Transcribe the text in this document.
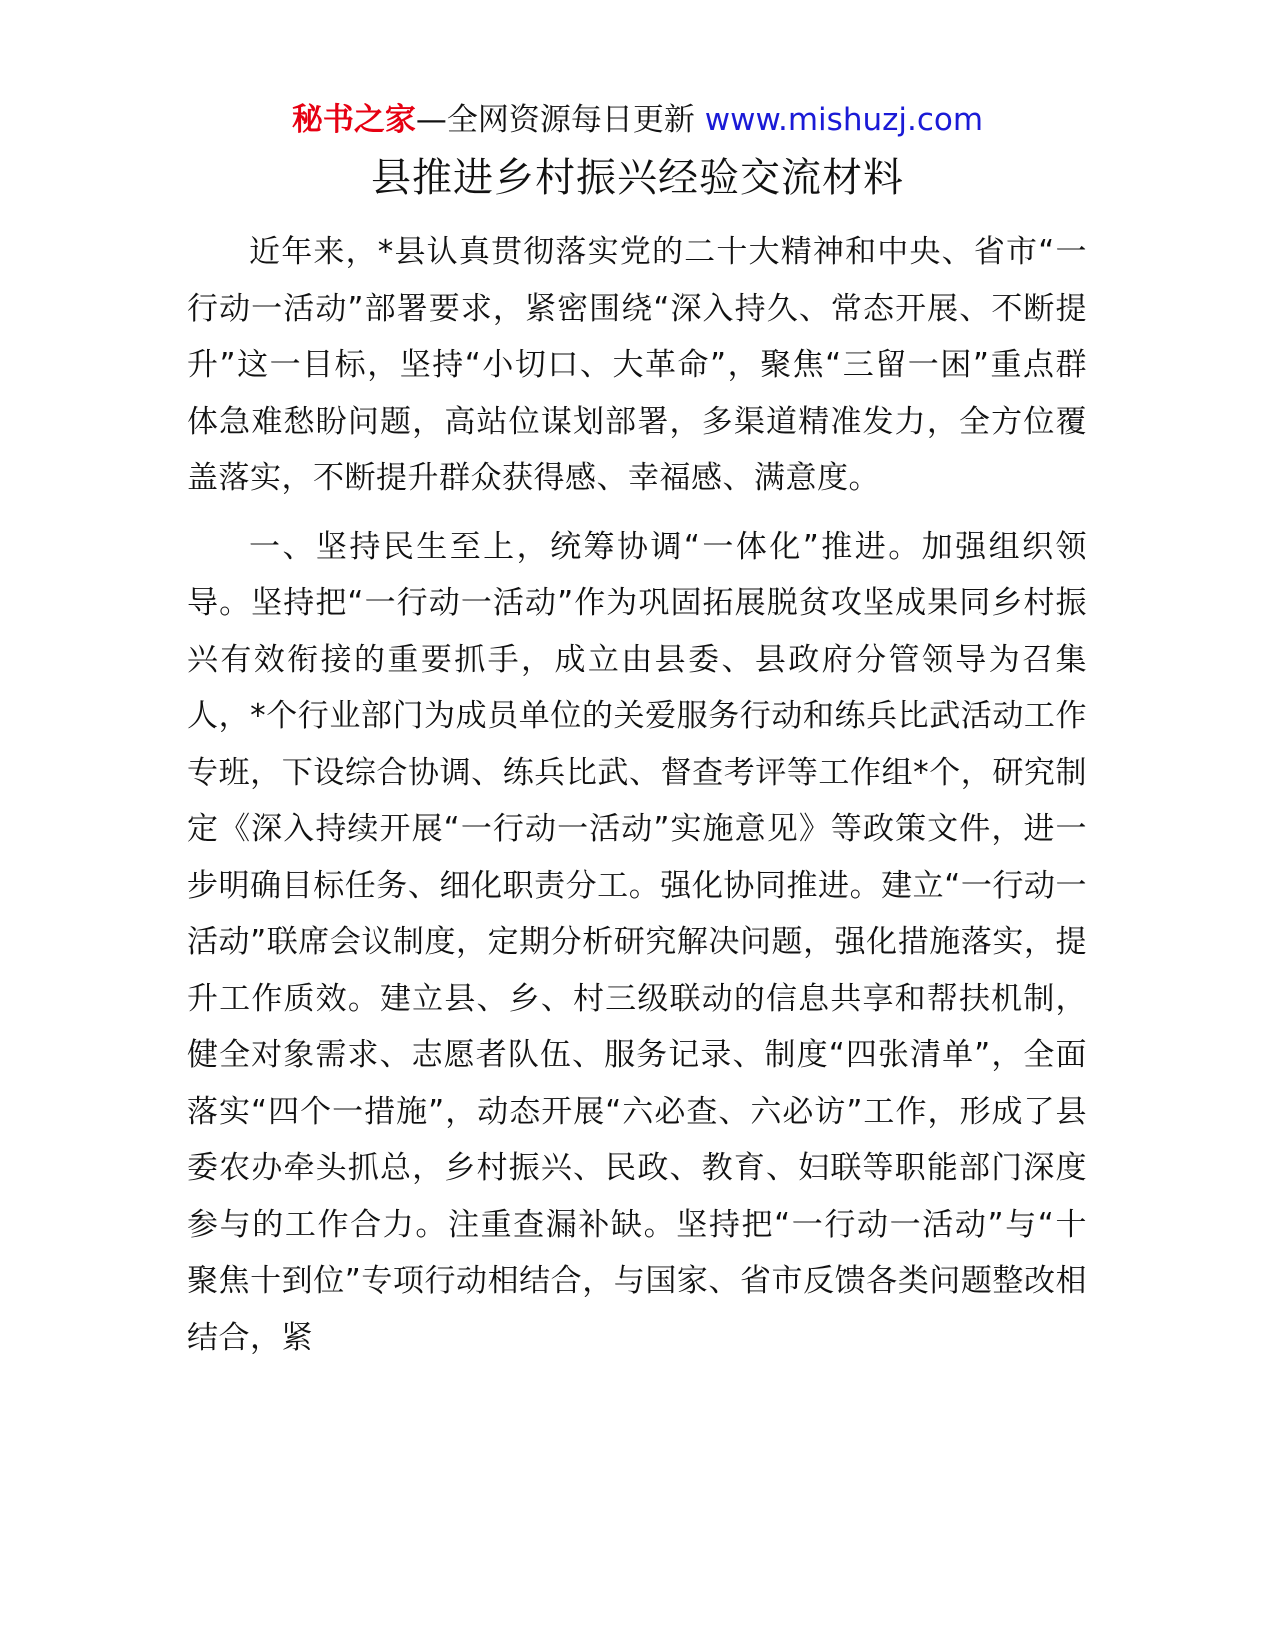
秘书之家—全网资源每日更新 www.mishuzj.com
县推进乡村振兴经验交流材料

近年来，*县认真贯彻落实党的二十大精神和中央、省市“一行动一活动”部署要求，紧密围绕“深入持久、常态开展、不断提升”这一目标，坚持“小切口、大革命”，聚焦“三留一困”重点群体急难愁盼问题，高站位谋划部署，多渠道精准发力，全方位覆盖落实，不断提升群众获得感、幸福感、满意度。

一、坚持民生至上，统筹协调“一体化”推进。加强组织领导。坚持把“一行动一活动”作为巩固拓展脱贫攻坚成果同乡村振兴有效衔接的重要抓手，成立由县委、县政府分管领导为召集人，*个行业部门为成员单位的关爱服务行动和练兵比武活动工作专班，下设综合协调、练兵比武、督查考评等工作组*个，研究制定《深入持续开展“一行动一活动”实施意见》等政策文件，进一步明确目标任务、细化职责分工。强化协同推进。建立“一行动一活动”联席会议制度，定期分析研究解决问题，强化措施落实，提升工作质效。建立县、乡、村三级联动的信息共享和帮扶机制，健全对象需求、志愿者队伍、服务记录、制度“四张清单”，全面落实“四个一措施”，动态开展“六必查、六必访”工作，形成了县委农办牵头抓总，乡村振兴、民政、教育、妇联等职能部门深度参与的工作合力。注重查漏补缺。坚持把“一行动一活动”与“十聚焦十到位”专项行动相结合，与国家、省市反馈各类问题整改相结合，紧
